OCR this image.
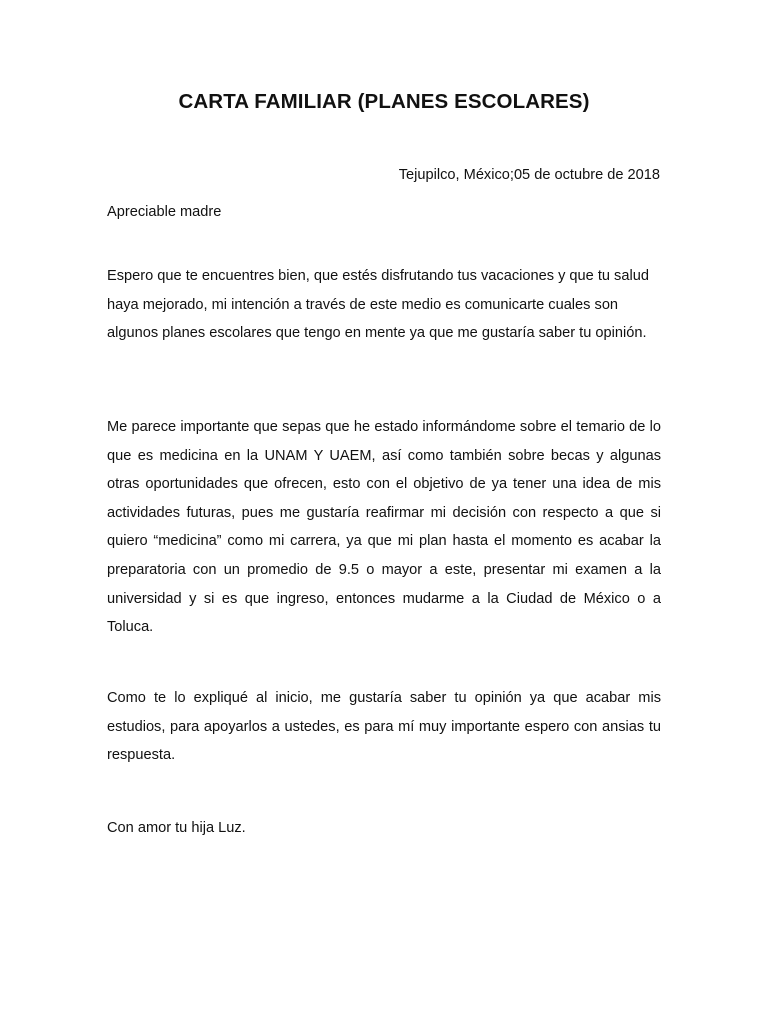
CARTA FAMILIAR (PLANES ESCOLARES)

Tejupilco, México;05 de octubre de 2018

Apreciable madre

Espero que te encuentres bien, que estés disfrutando tus vacaciones y que tu salud haya mejorado, mi intención a través de este medio es comunicarte cuales son algunos planes escolares que tengo en mente ya que me gustaría saber tu opinión.

Me parece importante que sepas que he estado informándome sobre el temario de lo que es medicina en la UNAM Y UAEM, así como también sobre becas y algunas otras oportunidades que ofrecen, esto con el objetivo de ya tener una idea de mis actividades futuras, pues me gustaría reafirmar mi decisión con respecto a que si quiero “medicina” como mi carrera, ya que mi plan hasta el momento es acabar la preparatoria con un promedio de 9.5 o mayor a este, presentar mi examen a la universidad y si es que ingreso, entonces mudarme a la Ciudad de México o a Toluca.

Como te lo expliqué al inicio, me gustaría saber tu opinión ya que acabar mis estudios, para apoyarlos a ustedes, es para mí muy importante espero con ansias tu respuesta.

Con amor tu hija Luz.
